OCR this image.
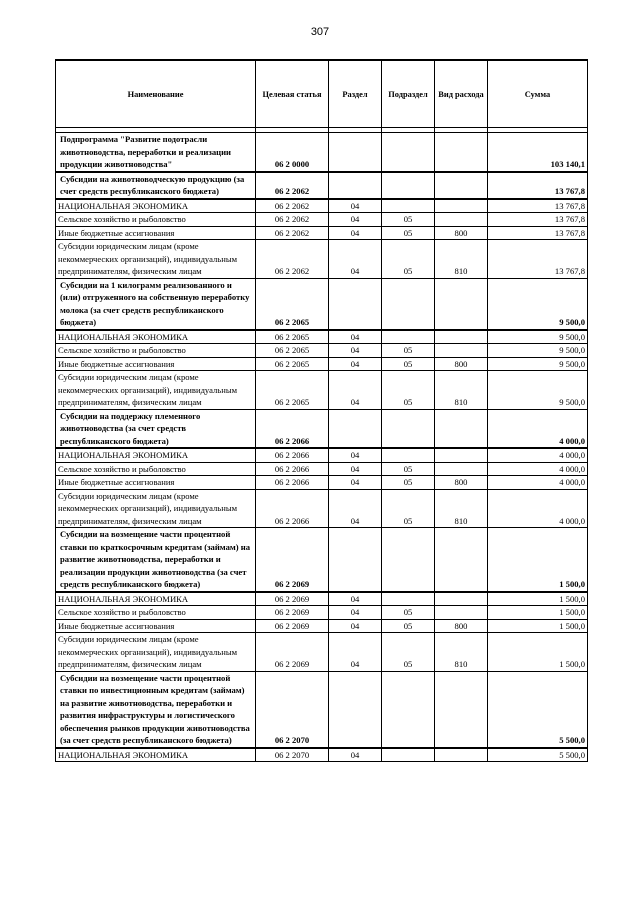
307
Наименование	Целевая статья	Раздел	Подраздел	Вид расхода	Сумма

Подпрограмма "Развитие подотрасли животноводства, переработки и реализации продукции животноводства"	06 2 0000				103 140,1
Субсидии на животноводческую продукцию (за счет средств республиканского бюджета)	06 2 2062				13 767,8
НАЦИОНАЛЬНАЯ ЭКОНОМИКА	06 2 2062	04			13 767,8
Сельское хозяйство и рыболовство	06 2 2062	04	05		13 767,8
Иные бюджетные ассигнования	06 2 2062	04	05	800	13 767,8
Субсидии юридическим лицам (кроме некоммерческих организаций), индивидуальным предпринимателям, физическим лицам	06 2 2062	04	05	810	13 767,8
Субсидии на 1 килограмм реализованного и (или) отгруженного на собственную переработку молока (за счет средств республиканского бюджета)	06 2 2065				9 500,0
НАЦИОНАЛЬНАЯ ЭКОНОМИКА	06 2 2065	04			9 500,0
Сельское хозяйство и рыболовство	06 2 2065	04	05		9 500,0
Иные бюджетные ассигнования	06 2 2065	04	05	800	9 500,0
Субсидии юридическим лицам (кроме некоммерческих организаций), индивидуальным предпринимателям, физическим лицам	06 2 2065	04	05	810	9 500,0
Субсидии на поддержку племенного животноводства (за счет средств республиканского бюджета)	06 2 2066				4 000,0
НАЦИОНАЛЬНАЯ ЭКОНОМИКА	06 2 2066	04			4 000,0
Сельское хозяйство и рыболовство	06 2 2066	04	05		4 000,0
Иные бюджетные ассигнования	06 2 2066	04	05	800	4 000,0
Субсидии юридическим лицам (кроме некоммерческих организаций), индивидуальным предпринимателям, физическим лицам	06 2 2066	04	05	810	4 000,0
Субсидии на возмещение части процентной ставки по краткосрочным кредитам (займам) на развитие животноводства, переработки и реализации продукции животноводства (за счет средств республиканского бюджета)	06 2 2069				1 500,0
НАЦИОНАЛЬНАЯ ЭКОНОМИКА	06 2 2069	04			1 500,0
Сельское хозяйство и рыболовство	06 2 2069	04	05		1 500,0
Иные бюджетные ассигнования	06 2 2069	04	05	800	1 500,0
Субсидии юридическим лицам (кроме некоммерческих организаций), индивидуальным предпринимателям, физическим лицам	06 2 2069	04	05	810	1 500,0
Субсидии на возмещение части процентной ставки по инвестиционным кредитам (займам) на развитие животноводства, переработки и развития инфраструктуры и логистического обеспечения рынков продукции животноводства (за счет средств республиканского бюджета)	06 2 2070				5 500,0
НАЦИОНАЛЬНАЯ ЭКОНОМИКА	06 2 2070	04			5 500,0
